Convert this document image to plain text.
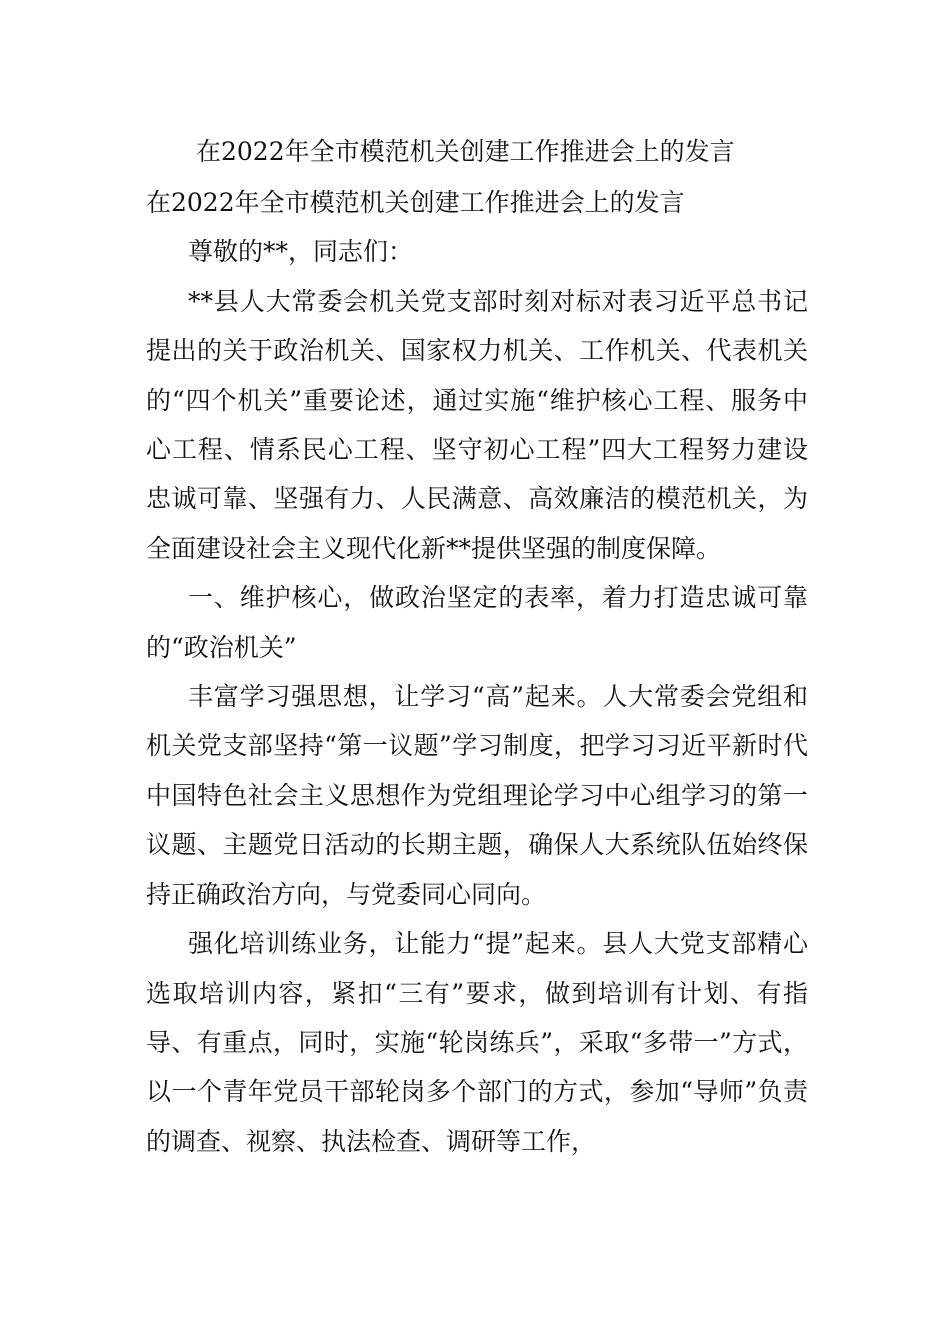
在2022年全市模范机关创建工作推进会上的发言

在2022年全市模范机关创建工作推进会上的发言

尊敬的**，同志们：

**县人大常委会机关党支部时刻对标对表习近平总书记提出的关于政治机关、国家权力机关、工作机关、代表机关的“四个机关”重要论述，通过实施“维护核心工程、服务中心工程、情系民心工程、坚守初心工程”四大工程努力建设忠诚可靠、坚强有力、人民满意、高效廉洁的模范机关，为全面建设社会主义现代化新**提供坚强的制度保障。

一、维护核心，做政治坚定的表率，着力打造忠诚可靠的“政治机关”

丰富学习强思想，让学习“高”起来。人大常委会党组和机关党支部坚持“第一议题”学习制度，把学习习近平新时代中国特色社会主义思想作为党组理论学习中心组学习的第一议题、主题党日活动的长期主题，确保人大系统队伍始终保持正确政治方向，与党委同心同向。

强化培训练业务，让能力“提”起来。县人大党支部精心选取培训内容，紧扣“三有”要求，做到培训有计划、有指导、有重点，同时，实施“轮岗练兵”，采取“多带一”方式，以一个青年党员干部轮岗多个部门的方式，参加“导师”负责的调查、视察、执法检查、调研等工作，
